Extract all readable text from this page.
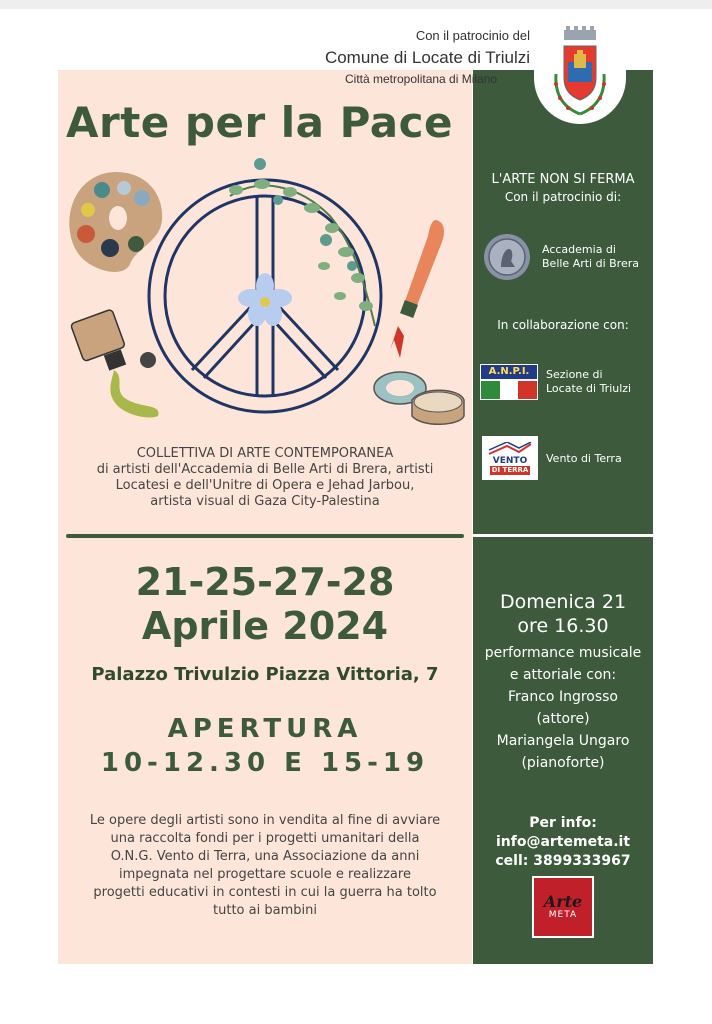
Con il patrocinio del
Comune di Locate di Triulzi
Città metropolitana di Milano
Arte per la Pace
COLLETTIVA DI ARTE CONTEMPORANEA
di artisti dell'Accademia di Belle Arti di Brera, artisti
Locatesi e dell'Unitre di Opera e Jehad Jarbou,
artista visual di Gaza City-Palestina
21-25-27-28
Aprile 2024
Palazzo Trivulzio Piazza Vittoria, 7
APERTURA
10-12.30 E 15-19
Le opere degli artisti sono in vendita al fine di avviare
una raccolta fondi per i progetti umanitari della
O.N.G. Vento di Terra, una Associazione da anni
impegnata nel progettare scuole e realizzare
progetti educativi in contesti in cui la guerra ha tolto
tutto ai bambini
L'ARTE NON SI FERMA
Con il patrocinio di:
Accademia di
Belle Arti di Brera
In collaborazione con:
A.N.P.I.	Sezione di
Locate di Triulzi
VENTO
DI TERRA
Vento di Terra
Domenica 21
ore 16.30
performance musicale
e attoriale con:
Franco Ingrosso
(attore)
Mariangela Ungaro
(pianoforte)
Per info:
info@artemeta.it
cell: 3899333967
Arte
META
